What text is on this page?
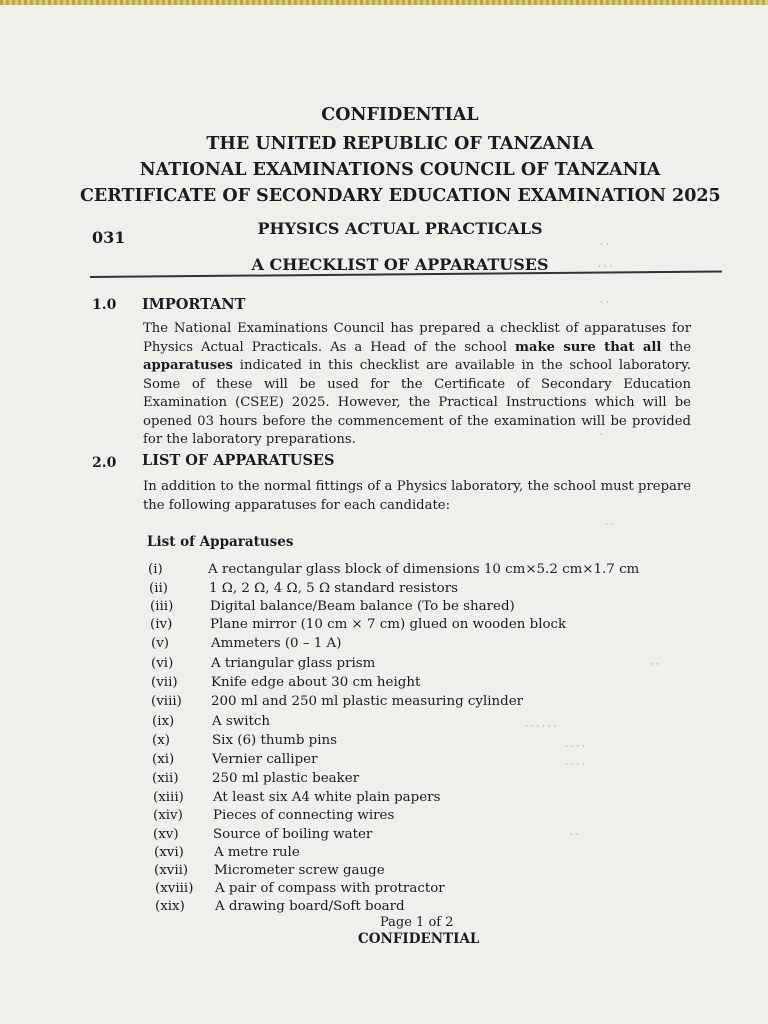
CONFIDENTIAL
THE UNITED REPUBLIC OF TANZANIA
NATIONAL EXAMINATIONS COUNCIL OF TANZANIA
CERTIFICATE OF SECONDARY EDUCATION EXAMINATION 2025
031	PHYSICS ACTUAL PRACTICALS
A CHECKLIST OF APPARATUSES
1.0 IMPORTANT
The National Examinations Council has prepared a checklist of apparatuses for Physics Actual Practicals. As a Head of the school make sure that all the apparatuses indicated in this checklist are available in the school laboratory. Some of these will be used for the Certificate of Secondary Education Examination (CSEE) 2025. However, the Practical Instructions which will be opened 03 hours before the commencement of the examination will be provided for the laboratory preparations.
2.0 LIST OF APPARATUSES
In addition to the normal fittings of a Physics laboratory, the school must prepare the following apparatuses for each candidate:
List of Apparatuses
(i)	A rectangular glass block of dimensions 10 cm×5.2 cm×1.7 cm
(ii)	1 Ω, 2 Ω, 4 Ω, 5 Ω standard resistors
(iii)	Digital balance/Beam balance (To be shared)
(iv)	Plane mirror (10 cm × 7 cm) glued on wooden block
(v)	Ammeters (0 – 1 A)
(vi)	A triangular glass prism
(vii)	Knife edge about 30 cm height
(viii)	200 ml and 250 ml plastic measuring cylinder
(ix)	A switch
(x)	Six (6) thumb pins
(xi)	Vernier calliper
(xii)	250 ml plastic beaker
(xiii)	At least six A4 white plain papers
(xiv)	Pieces of connecting wires
(xv)	Source of boiling water
(xvi)	A metre rule
(xvii)	Micrometer screw gauge
(xviii)	A pair of compass with protractor
(xix)	A drawing board/Soft board
Page 1 of 2
CONFIDENTIAL
· ·
· · ·
· ·
·
· ·
· ·
· · · · · ·
· · · ·
· · · ·
· ·
